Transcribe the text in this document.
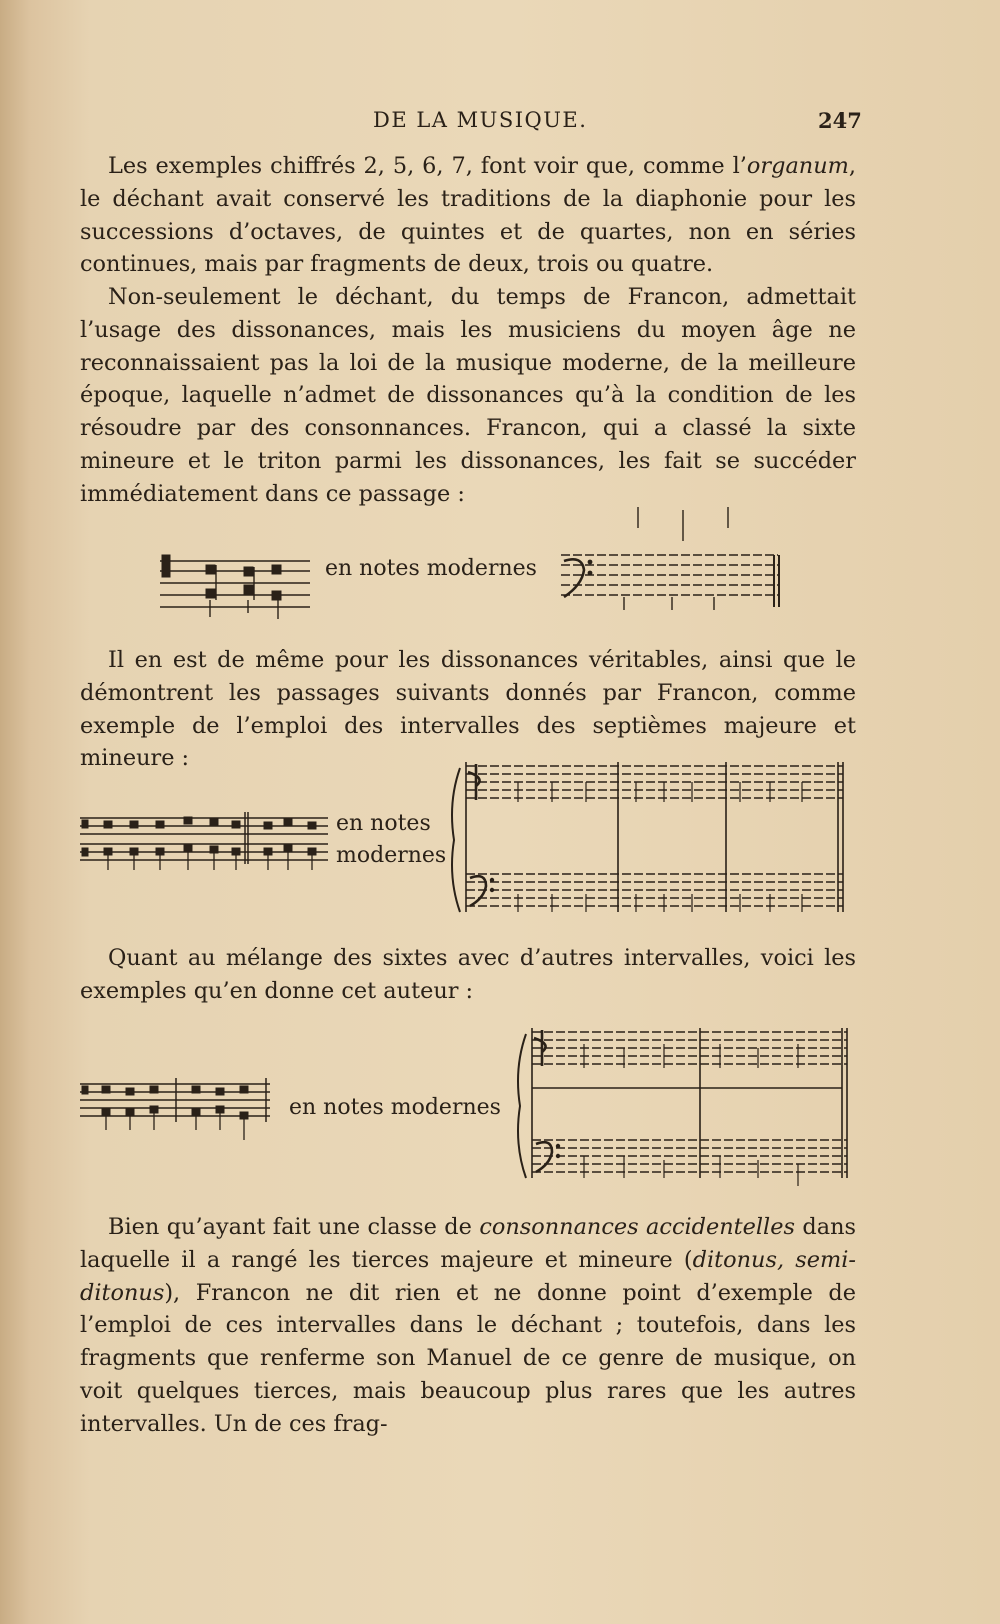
DE LA MUSIQUE.	247

Les exemples chiffrés 2, 5, 6, 7, font voir que, comme l’organum, le déchant avait conservé les traditions de la diaphonie pour les successions d’octaves, de quintes et de quartes, non en séries continues, mais par fragments de deux, trois ou quatre.

Non-seulement le déchant, du temps de Francon, admettait l’usage des dissonances, mais les musiciens du moyen âge ne reconnaissaient pas la loi de la musique moderne, de la meilleure époque, laquelle n’admet de dissonances qu’à la condition de les résoudre par des consonnances. Francon, qui a classé la sixte mineure et le triton parmi les dissonances, les fait se succéder immédiatement dans ce passage :

en notes modernes

Il en est de même pour les dissonances véritables, ainsi que le démontrent les passages suivants donnés par Francon, comme exemple de l’emploi des intervalles des septièmes majeure et mineure :

en notes modernes

Quant au mélange des sixtes avec d’autres intervalles, voici les exemples qu’en donne cet auteur :

en notes modernes

Bien qu’ayant fait une classe de consonnances accidentelles dans laquelle il a rangé les tierces majeure et mineure (ditonus, semi-ditonus), Francon ne dit rien et ne donne point d’exemple de l’emploi de ces intervalles dans le déchant ; toutefois, dans les fragments que renferme son Manuel de ce genre de musique, on voit quelques tierces, mais beaucoup plus rares que les autres intervalles. Un de ces frag-
